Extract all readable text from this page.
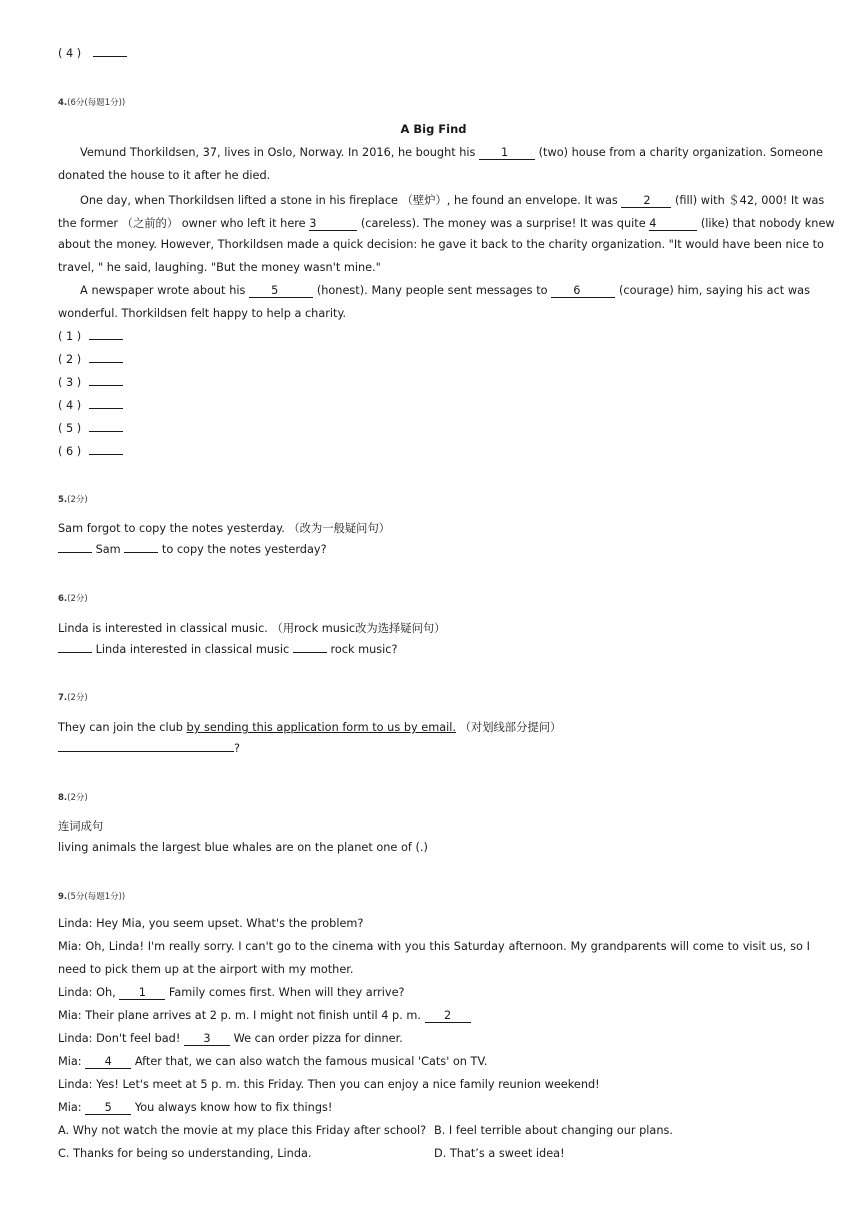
( 4 )
4.(6分(每题1分))
A Big Find
Vemund Thorkildsen, 37, lives in Oslo, Norway. In 2016, he bought his 1	(two) house from a charity organization. Someone
donated the house to it after he died.
One day, when Thorkildsen lifted a stone in his fireplace （壁炉）, he found an envelope. It was 2 (fill) with ＄42, 000! It was
the former （之前的） owner who left it here 3	(careless). The money was a surprise! It was quite 4	(like) that nobody knew
about the money. However, Thorkildsen made a quick decision: he gave it back to the charity organization. "It would have been nice to
travel, " he said, laughing. "But the money wasn't mine."
A newspaper wrote about his 5	(honest). Many people sent messages to 6	(courage) him, saying his act was
wonderful. Thorkildsen felt happy to help a charity.
( 1 )
( 2 )
( 3 )
( 4 )
( 5 )
( 6 )
5.(2分)
Sam forgot to copy the notes yesterday. （改为一般疑问句）
Sam	to copy the notes yesterday?
6.(2分)
Linda is interested in classical music. （用rock music改为选择疑问句）
Linda interested in classical music	rock music?
7.(2分)
They can join the club by sending this application form to us by email. （对划线部分提问）
?
8.(2分)
连词成句
living animals the largest blue whales are on the planet one of (.)
9.(5分(每题1分))
Linda: Hey Mia, you seem upset. What's the problem?
Mia: Oh, Linda! I'm really sorry. I can't go to the cinema with you this Saturday afternoon. My grandparents will come to visit us, so I
need to pick them up at the airport with my mother.
Linda: Oh, 1 Family comes first. When will they arrive?
Mia: Their plane arrives at 2 p. m. I might not finish until 4 p. m. 2
Linda: Don't feel bad! 3 We can order pizza for dinner.
Mia: 4 After that, we can also watch the famous musical 'Cats' on TV.
Linda: Yes! Let's meet at 5 p. m. this Friday. Then you can enjoy a nice family reunion weekend!
Mia: 5 You always know how to fix things!
A. Why not watch the movie at my place this Friday after school? B. I feel terrible about changing our plans.
C. Thanks for being so understanding, Linda.	D. That’s a sweet idea!
